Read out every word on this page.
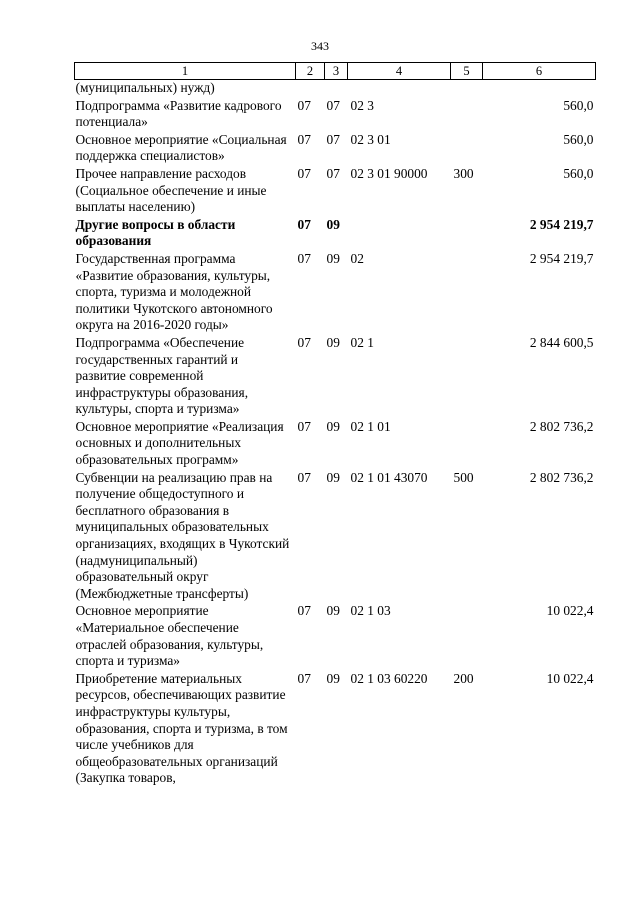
343
1	2	3	4	5	6
(муниципальных) нужд)					
Подпрограмма «Развитие кадрового потенциала»	07	07	02 3		560,0
Основное мероприятие «Социальная поддержка специалистов»	07	07	02 3 01		560,0
Прочее направление расходов (Социальное обеспечение и иные выплаты населению)	07	07	02 3 01 90000	300	560,0
Другие вопросы в области образования	07	09			2 954 219,7
Государственная программа «Развитие образования, культуры, спорта, туризма и молодежной политики Чукотского автономного округа на 2016-2020 годы»	07	09	02		2 954 219,7
Подпрограмма «Обеспечение государственных гарантий и развитие современной инфраструктуры образования, культуры, спорта и туризма»	07	09	02 1		2 844 600,5
Основное мероприятие «Реализация основных и дополнительных образовательных программ»	07	09	02 1 01		2 802 736,2
Субвенции на реализацию прав на получение общедоступного и бесплатного образования в муниципальных образовательных организациях, входящих в Чукотский (надмуниципальный) образовательный округ (Межбюджетные трансферты)	07	09	02 1 01 43070	500	2 802 736,2
Основное мероприятие «Материальное обеспечение отраслей образования, культуры, спорта и туризма»	07	09	02 1 03		10 022,4
Приобретение материальных ресурсов, обеспечивающих развитие инфраструктуры культуры, образования, спорта и туризма, в том числе учебников для общеобразовательных организаций (Закупка товаров,	07	09	02 1 03 60220	200	10 022,4
